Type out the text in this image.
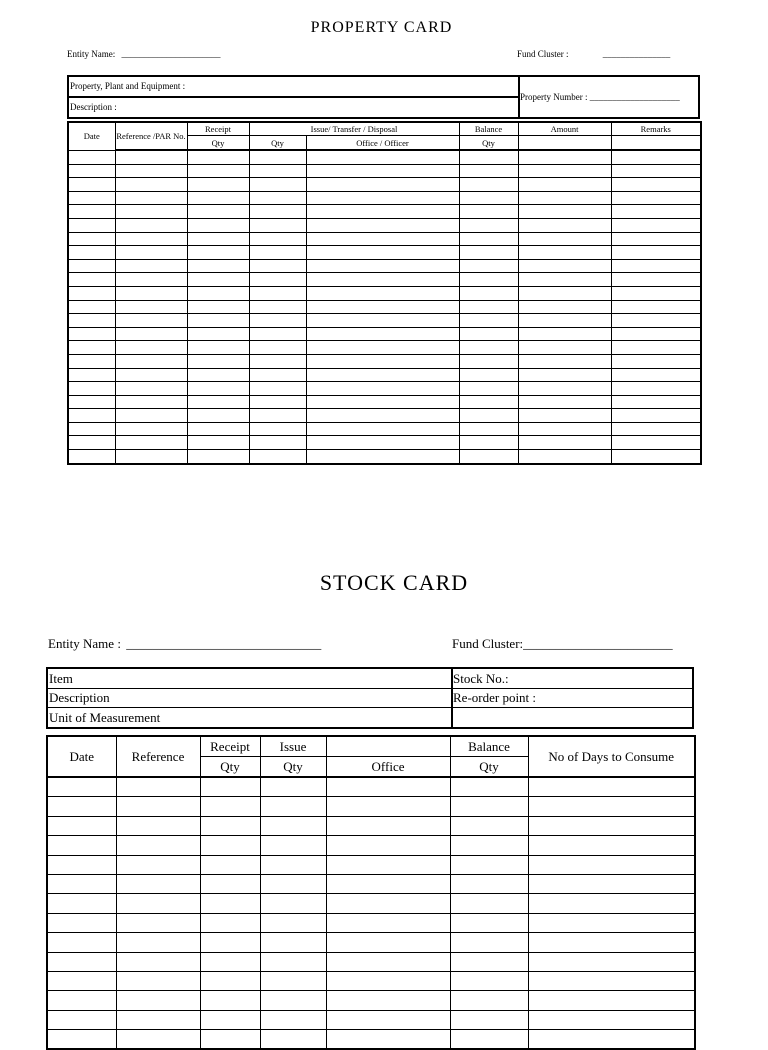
PROPERTY CARD
Entity Name: ______________________	Fund Cluster :	_______________
Property, Plant and Equipment :
Description :
Property Number : ____________________
Date	Reference /PAR No.	Receipt	Issue/ Transfer / Disposal		Balance	Amount	Remarks
		Qty	Qty	Office / Officer	Qty		

STOCK CARD
Entity Name : ______________________________	Fund Cluster:_______________________
Item
Description
Unit of Measurement
Stock No.:
Re-order point :
Date	Reference	Receipt	Issue		Balance	No of Days to Consume
		Qty	Qty	Office	Qty	
